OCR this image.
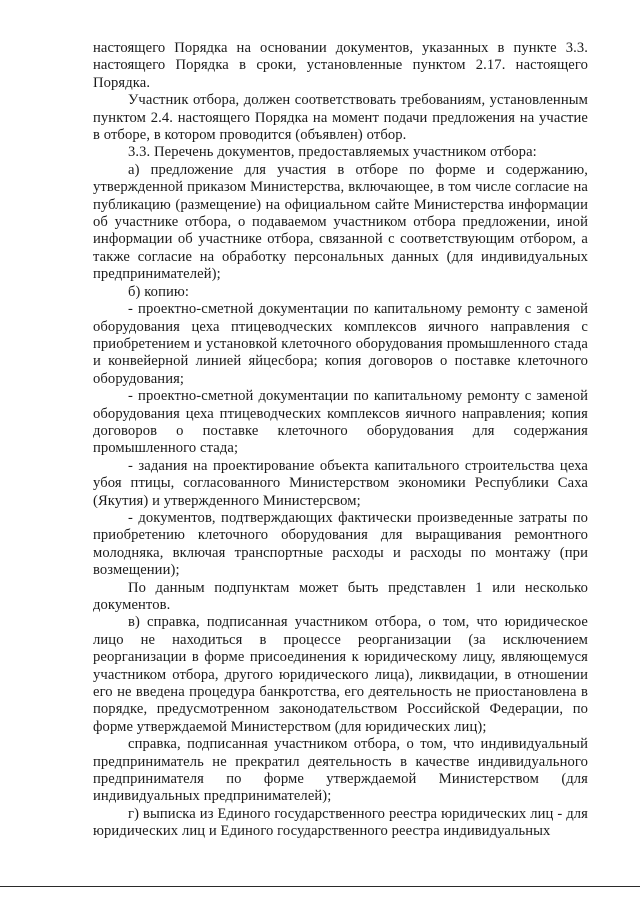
настоящего Порядка на основании документов, указанных в пункте 3.3. настоящего Порядка в сроки, установленные пунктом 2.17. настоящего Порядка.

Участник отбора, должен соответствовать требованиям, установленным пунктом 2.4. настоящего Порядка на момент подачи предложения на участие в отборе, в котором проводится (объявлен) отбор.

3.3. Перечень документов, предоставляемых участником отбора:

а) предложение для участия в отборе по форме и содержанию, утвержденной приказом Министерства, включающее, в том числе согласие на публикацию (размещение) на официальном сайте Министерства информации об участнике отбора, о подаваемом участником отбора предложении, иной информации об участнике отбора, связанной с соответствующим отбором, а также согласие на обработку персональных данных (для индивидуальных предпринимателей);

б) копию:

- проектно-сметной документации по капитальному ремонту с заменой оборудования цеха птицеводческих комплексов яичного направления с приобретением и установкой клеточного оборудования промышленного стада и конвейерной линией яйцесбора; копия договоров о поставке клеточного оборудования;

- проектно-сметной документации по капитальному ремонту с заменой оборудования цеха птицеводческих комплексов яичного направления; копия договоров о поставке клеточного оборудования для содержания промышленного стада;

- задания на проектирование объекта капитального строительства цеха убоя птицы, согласованного Министерством экономики Республики Саха (Якутия) и утвержденного Министерсвом;

- документов, подтверждающих фактически произведенные затраты по приобретению клеточного оборудования для выращивания ремонтного молодняка, включая транспортные расходы и расходы по монтажу (при возмещении);

По данным подпунктам может быть представлен 1 или несколько документов.

в) справка, подписанная участником отбора, о том, что юридическое лицо не находиться в процессе реорганизации (за исключением реорганизации в форме присоединения к юридическому лицу, являющемуся участником отбора, другого юридического лица), ликвидации, в отношении его не введена процедура банкротства, его деятельность не приостановлена в порядке, предусмотренном законодательством Российской Федерации, по форме утверждаемой Министерством (для юридических лиц);

справка, подписанная участником отбора, о том, что индивидуальный предприниматель не прекратил деятельность в качестве индивидуального предпринимателя по форме утверждаемой Министерством (для индивидуальных предпринимателей);

г) выписка из Единого государственного реестра юридических лиц - для юридических лиц и Единого государственного реестра индивидуальных
